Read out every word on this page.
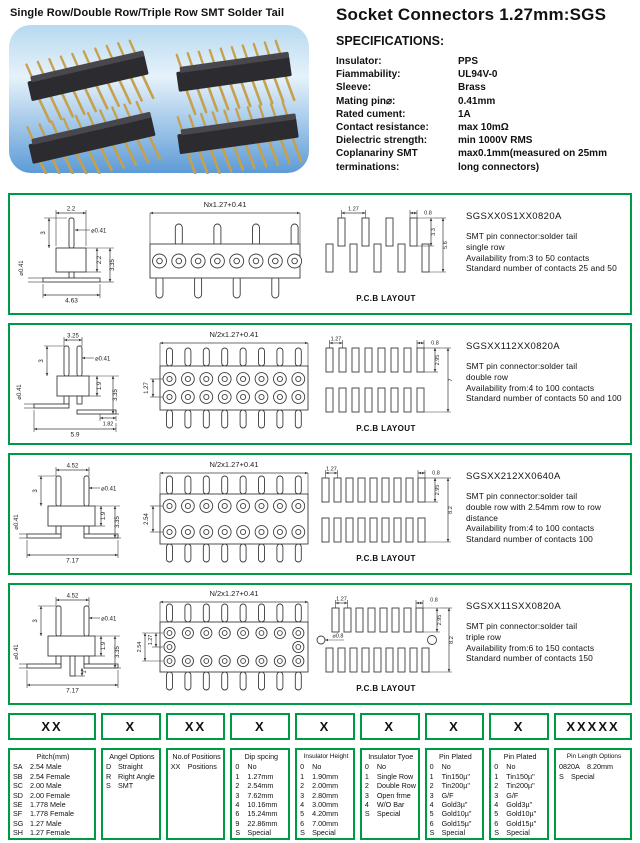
Single Row/Double Row/Triple Row SMT Solder Tail	Socket Connectors 1.27mm:SGS
SPECIFICATIONS:
Insulator:	PPS
Fiammability:	UL94V-0
Sleeve:	Brass
Mating pin⌀:	0.41mm
Rated cument:	1A
Contact resistance:	max 10mΩ
Dielectric strength:	min 1000V RMS
Coplanariny SMT	max0.1mm(measured on 25mm
terminations:	long connectors)
2.2
3	⌀0.41
⌀0.41
2.2 3.35
4.63
Nx1.27+0.41
1.27
0.8
3.3
5.6
P.C.B LAYOUT
SGSXX0S1XX0820A
SMT pin connector:solder tail
single row
Availability from:3 to 50 contacts
Standard number of contacts 25 and 50
3.25
3	⌀0.41
⌀0.41	1.9
3.35
1.82
5.9
N/2x1.27+0.41
1.27
1.27
0.8
2.95
7
P.C.B LAYOUT
SGSXX112XX0820A
SMT pin connector:solder tail
double row
Availability from:4 to 100 contacts
Standard number of contacts 50 and 100
4.52
3	⌀0.41
⌀0.41	1.9
3.35
7.17
N/2x1.27+0.41
2.54
1.27
0.8
2.95
8.2
P.C.B LAYOUT
SGSXX212XX0640A
SMT pin connector:solder tail
double row with 2.54mm row to row
distance
Availability from:4 to 100 contacts
Standard number of contacts 100
1
4.52
3	⌀0.41
⌀0.41	1.9
3.35
7.17
N/2x1.27+0.41
1.27
2.54
⌀0.8
1.27	0.8
2.95
8.2
P.C.B LAYOUT
SGSXX11SXX0820A
SMT pin connector:solder tail
triple row
Availability from:6 to 150 contacts
Standard number of contacts 150
XX
Pitch(mm)
SA	2.54 Male
SB	2.54 Female
SC 2.00 Male
SD 2.00 Female
SE	1.778 Mele
SF	1.778 Female
SG 1.27 Male
SH 1.27 Female
X
Angel Options
D Straight
R Right Angle
S	SMT
XX
No.of Positions
XX	Positions
X
Dip spcing
0	No
1	1.27mm
2	2.54mm
3	7.62mm
4	10.16mm
6	15.24mm
9	22.86mm
S	Special
X
Insulator Height
0	No
1	1.90mm
2	2.00mm
3	2.80mm
4	3.00mm
5	4.20mm
6	7.00mm
S	Special
X
Insulator Tyoe
0	No
1	Single Row
2	Double Row
3	Open frme
4	W/O Bar
S	Special
X
Pin Plated
0	No
1	Tin150µ"
2	Tin200µ"
3	G/F
4	Gold3µ"
5	Gold10µ"
6	Gold15µ"
S	Special
X
Pin Plated
0	No
1	Tin150µ"
2	Tin200µ"
3	G/F
4	Gold3µ"
5	Gold10µ"
6	Gold15µ"
S	Special
XXXXX
Pin Length Options
0820A	8.20mm
S	Special
